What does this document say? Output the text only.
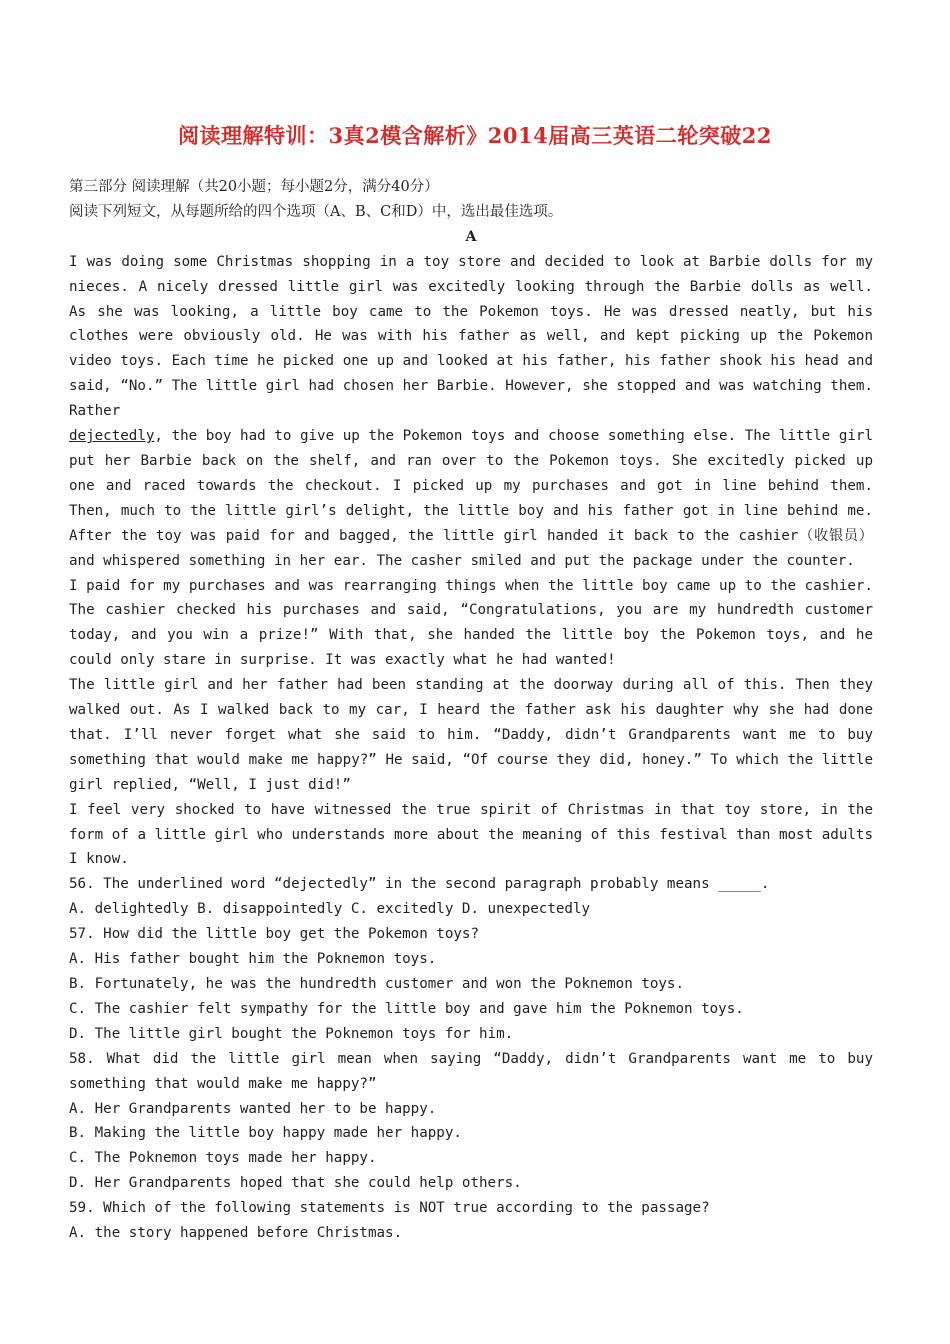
阅读理解特训：3真2模含解析》2014届高三英语二轮突破22

第三部分 阅读理解（共20小题；每小题2分，满分40分）

阅读下列短文，从每题所给的四个选项（A、B、C和D）中，选出最佳选项。

A

I was doing some Christmas shopping in a toy store and decided to look at Barbie dolls for my nieces. A nicely dressed little girl was excitedly looking through the Barbie dolls as well. As she was looking, a little boy came to the Pokemon toys. He was dressed neatly, but his clothes were obviously old. He was with his father as well, and kept picking up the Pokemon video toys. Each time he picked one up and looked at his father, his father shook his head and said, “No.” The little girl had chosen her Barbie. However, she stopped and was watching them. Rather
dejectedly, the boy had to give up the Pokemon toys and choose something else. The little girl put her Barbie back on the shelf, and ran over to the Pokemon toys. She excitedly picked up one and raced towards the checkout. I picked up my purchases and got in line behind them. Then, much to the little girl’s delight, the little boy and his father got in line behind me. After the toy was paid for and bagged, the little girl handed it back to the cashier（收银员）and whispered something in her ear. The casher smiled and put the package under the counter.

I paid for my purchases and was rearranging things when the little boy came up to the cashier. The cashier checked his purchases and said, “Congratulations, you are my hundredth customer today, and you win a prize!” With that, she handed the little boy the Pokemon toys, and he could only stare in surprise. It was exactly what he had wanted!

The little girl and her father had been standing at the doorway during all of this. Then they walked out. As I walked back to my car, I heard the father ask his daughter why she had done that. I’ll never forget what she said to him. “Daddy, didn’t Grandparents want me to buy something that would make me happy?” He said, “Of course they did, honey.” To which the little girl replied, “Well, I just did!”

I feel very shocked to have witnessed the true spirit of Christmas in that toy store, in the form of a little girl who understands more about the meaning of this festival than most adults I know.

56. The underlined word “dejectedly” in the second paragraph probably means _____.

A. delightedly B. disappointedly C. excitedly D. unexpectedly

57. How did the little boy get the Pokemon toys?

A. His father bought him the Poknemon toys.

B. Fortunately, he was the hundredth customer and won the Poknemon toys.

C. The cashier felt sympathy for the little boy and gave him the Poknemon toys.

D. The little girl bought the Poknemon toys for him.

58. What did the little girl mean when saying “Daddy, didn’t Grandparents want me to buy something that would make me happy?”

A. Her Grandparents wanted her to be happy.

B. Making the little boy happy made her happy.

C. The Poknemon toys made her happy.

D. Her Grandparents hoped that she could help others.

59. Which of the following statements is NOT true according to the passage?

A. the story happened before Christmas.
